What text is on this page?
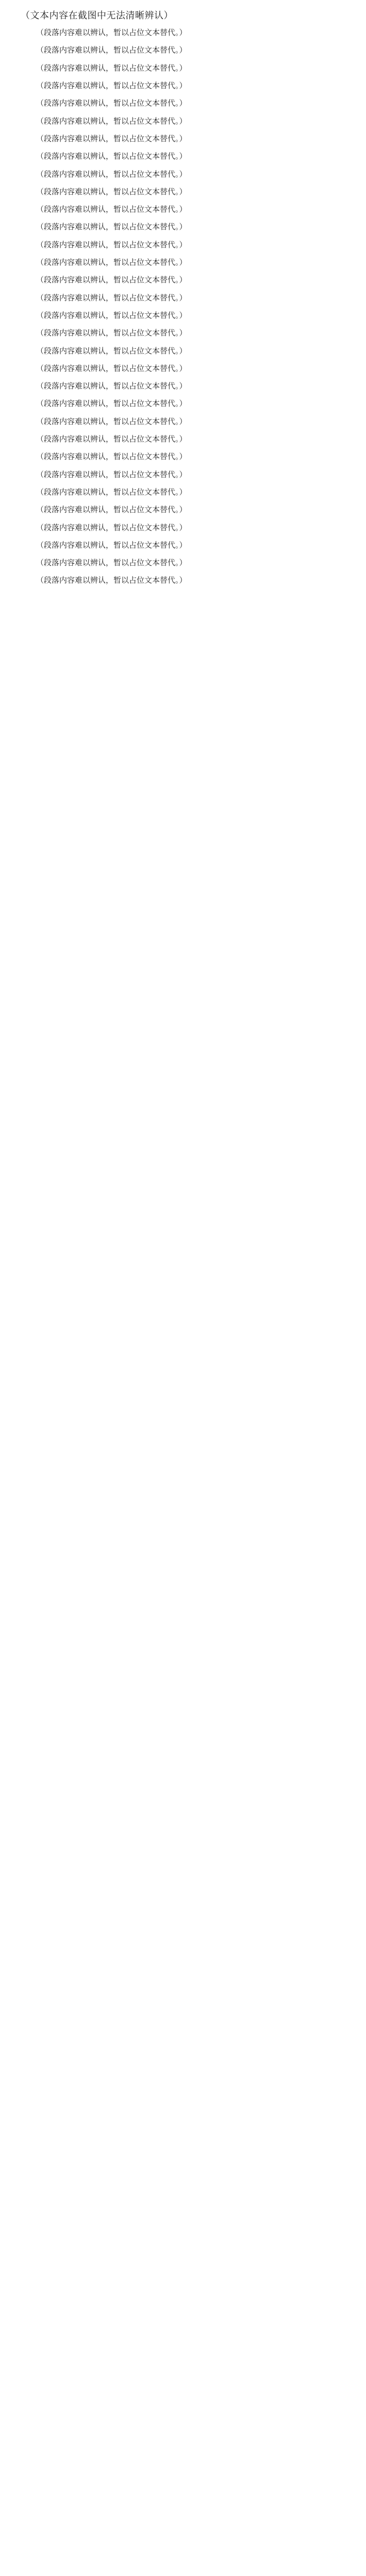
（文本内容在截图中无法清晰辨认）
（段落内容难以辨认，暂以占位文本替代。）
（段落内容难以辨认，暂以占位文本替代。）
（段落内容难以辨认，暂以占位文本替代。）
（段落内容难以辨认，暂以占位文本替代。）
（段落内容难以辨认，暂以占位文本替代。）
（段落内容难以辨认，暂以占位文本替代。）
（段落内容难以辨认，暂以占位文本替代。）
（段落内容难以辨认，暂以占位文本替代。）
（段落内容难以辨认，暂以占位文本替代。）
（段落内容难以辨认，暂以占位文本替代。）
（段落内容难以辨认，暂以占位文本替代。）
（段落内容难以辨认，暂以占位文本替代。）
（段落内容难以辨认，暂以占位文本替代。）
（段落内容难以辨认，暂以占位文本替代。）
（段落内容难以辨认，暂以占位文本替代。）
（段落内容难以辨认，暂以占位文本替代。）
（段落内容难以辨认，暂以占位文本替代。）
（段落内容难以辨认，暂以占位文本替代。）
（段落内容难以辨认，暂以占位文本替代。）
（段落内容难以辨认，暂以占位文本替代。）
（段落内容难以辨认，暂以占位文本替代。）
（段落内容难以辨认，暂以占位文本替代。）
（段落内容难以辨认，暂以占位文本替代。）
（段落内容难以辨认，暂以占位文本替代。）
（段落内容难以辨认，暂以占位文本替代。）
（段落内容难以辨认，暂以占位文本替代。）
（段落内容难以辨认，暂以占位文本替代。）
（段落内容难以辨认，暂以占位文本替代。）
（段落内容难以辨认，暂以占位文本替代。）
（段落内容难以辨认，暂以占位文本替代。）
（段落内容难以辨认，暂以占位文本替代。）
（段落内容难以辨认，暂以占位文本替代。）
